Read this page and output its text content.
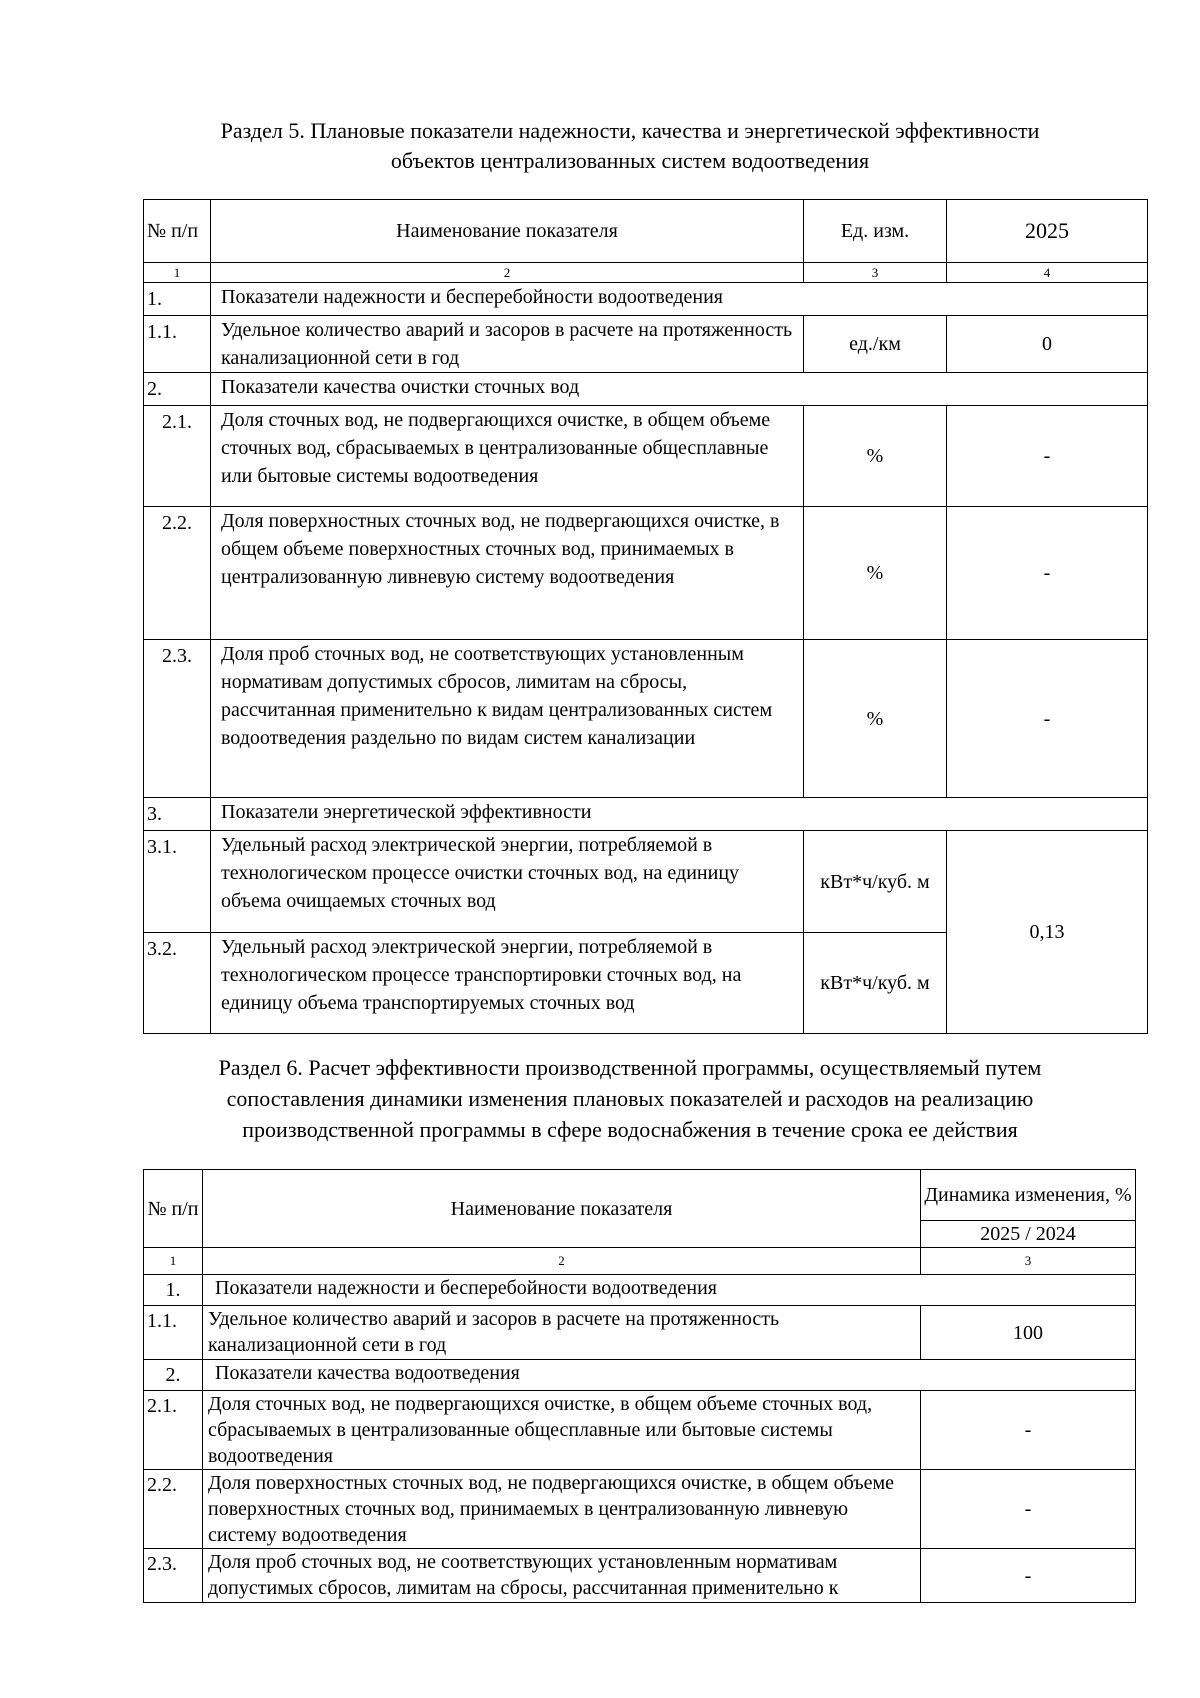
Раздел 5. Плановые показатели надежности, качества и энергетической эффективности
объектов централизованных систем водоотведения
№ п/п	Наименование показателя	Ед. изм.	2025
1	2	3	4
1.	Показатели надежности и бесперебойности водоотведения		
1.1.	Удельное количество аварий и засоров в расчете на протяженность канализационной сети в год	ед./км	0
2.	Показатели качества очистки сточных вод		
2.1.	Доля сточных вод, не подвергающихся очистке, в общем объеме сточных вод, сбрасываемых в централизованные общесплавные или бытовые системы водоотведения	%	-
2.2.	Доля поверхностных сточных вод, не подвергающихся очистке, в общем объеме поверхностных сточных вод, принимаемых в централизованную ливневую систему водоотведения	%	-
2.3.	Доля проб сточных вод, не соответствующих установленным нормативам допустимых сбросов, лимитам на сбросы, рассчитанная применительно к видам централизованных систем водоотведения раздельно по видам систем канализации	%	-
3.	Показатели энергетической эффективности		
3.1.	Удельный расход электрической энергии, потребляемой в технологическом процессе очистки сточных вод, на единицу объема очищаемых сточных вод	кВт*ч/куб. м	0,13
3.2.	Удельный расход электрической энергии, потребляемой в технологическом процессе транспортировки сточных вод, на единицу объема транспортируемых сточных вод	кВт*ч/куб. м	
Раздел 6. Расчет эффективности производственной программы, осуществляемый путем
сопоставления динамики изменения плановых показателей и расходов на реализацию
производственной программы в сфере водоснабжения в течение срока ее действия
№ п/п	Наименование показателя	Динамика изменения, %
		2025 / 2024
1	2	3
1.	Показатели надежности и бесперебойности водоотведения	
1.1.	Удельное количество аварий и засоров в расчете на протяженность канализационной сети в год	100
2.	Показатели качества водоотведения	
2.1.	Доля сточных вод, не подвергающихся очистке, в общем объеме сточных вод, сбрасываемых в централизованные общесплавные или бытовые системы водоотведения	-
2.2.	Доля поверхностных сточных вод, не подвергающихся очистке, в общем объеме поверхностных сточных вод, принимаемых в централизованную ливневую систему водоотведения	-
2.3.	Доля проб сточных вод, не соответствующих установленным нормативам допустимых сбросов, лимитам на сбросы, рассчитанная применительно к	-
